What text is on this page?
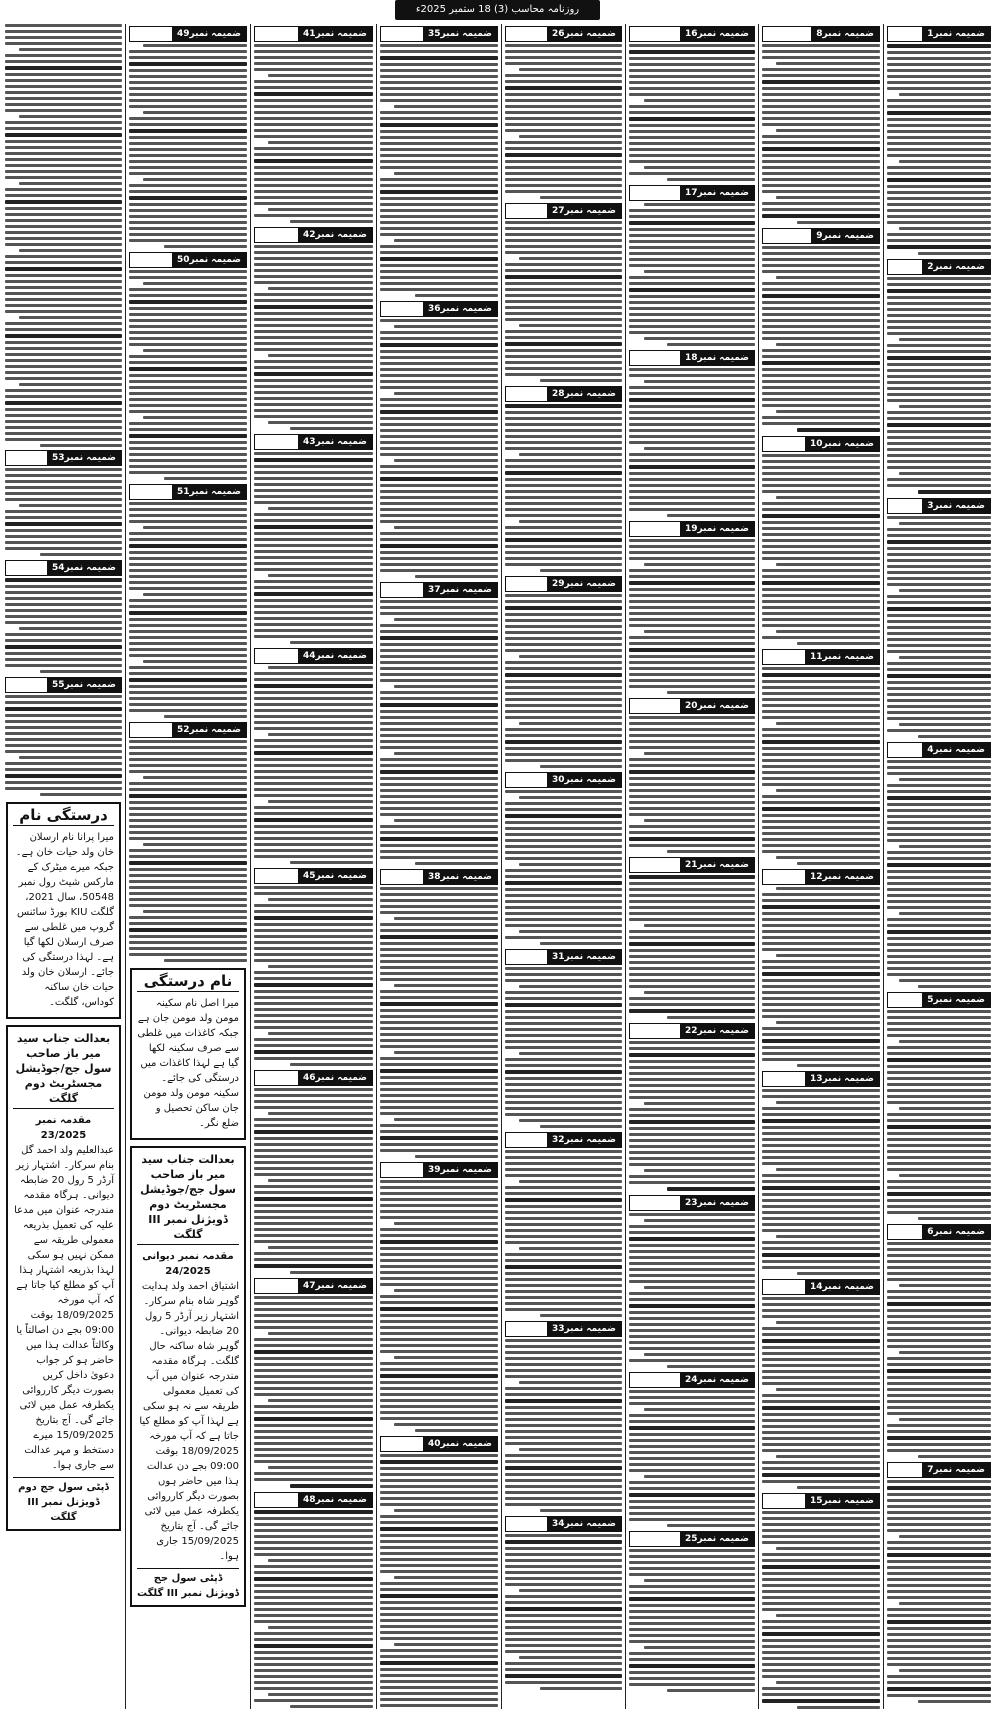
روزنامہ محاسب (3) 18 ستمبر 2025ء
ضمیمہ نمبر1
ضمیمہ نمبر2
ضمیمہ نمبر3
ضمیمہ نمبر4
ضمیمہ نمبر5
ضمیمہ نمبر6
ضمیمہ نمبر7
ضمیمہ نمبر8
ضمیمہ نمبر9
ضمیمہ نمبر10
ضمیمہ نمبر11
ضمیمہ نمبر12
ضمیمہ نمبر13
ضمیمہ نمبر14
ضمیمہ نمبر15
ضمیمہ نمبر16
ضمیمہ نمبر17
ضمیمہ نمبر18
ضمیمہ نمبر19
ضمیمہ نمبر20
ضمیمہ نمبر21
ضمیمہ نمبر22
ضمیمہ نمبر23
ضمیمہ نمبر24
ضمیمہ نمبر25
ضمیمہ نمبر26
ضمیمہ نمبر27
ضمیمہ نمبر28
ضمیمہ نمبر29
ضمیمہ نمبر30
ضمیمہ نمبر31
ضمیمہ نمبر32
ضمیمہ نمبر33
ضمیمہ نمبر34
ضمیمہ نمبر35
ضمیمہ نمبر36
ضمیمہ نمبر37
ضمیمہ نمبر38
ضمیمہ نمبر39
ضمیمہ نمبر40
ضمیمہ نمبر41
ضمیمہ نمبر42
ضمیمہ نمبر43
ضمیمہ نمبر44
ضمیمہ نمبر45
ضمیمہ نمبر46
ضمیمہ نمبر47
ضمیمہ نمبر48
ضمیمہ نمبر49
ضمیمہ نمبر50
ضمیمہ نمبر51
ضمیمہ نمبر52
نام درستگی

میرا اصل نام سکینہ مومن ولد مومن جان ہے جبکہ کاغذات میں غلطی سے صرف سکینہ لکھا گیا ہے لہذا کاغذات میں درستگی کی جائے۔ سکینہ مومن ولد مومن جان ساکن تحصیل و ضلع نگر۔

بعدالت جناب سید میر باز صاحب سول جج/جوڈیشل مجسٹریٹ دوم ڈویژنل نمبر III گلگت
مقدمہ نمبر دیوانی 24/2025

اشتیاق احمد ولد ہدایت گوہر شاہ بنام سرکار۔ اشتہار زیر آرڈر 5 رول 20 ضابطہ دیوانی۔ گوہر شاہ ساکنہ حال گلگت۔ ہرگاہ مقدمہ مندرجہ عنوان میں آپ کی تعمیل معمولی طریقہ سے نہ ہو سکی ہے لہذا آپ کو مطلع کیا جاتا ہے کہ آپ مورخہ 18/09/2025 بوقت 09:00 بجے دن عدالت ہذا میں حاضر ہوں بصورت دیگر کارروائی یکطرفہ عمل میں لائی جائے گی۔ آج بتاریخ 15/09/2025 جاری ہوا۔

ڈپٹی سول جج ڈویژنل نمبر III گلگت
ضمیمہ نمبر53
ضمیمہ نمبر54
ضمیمہ نمبر55
درستگی نام

میرا پرانا نام ارسلان خان ولد حیات خان ہے۔ جبکہ میرے میٹرک کے مارکس شیٹ رول نمبر 50548، سال 2021، گلگت KIU بورڈ سائنس گروپ میں غلطی سے صرف ارسلان لکھا گیا ہے۔ لہذا درستگی کی جائے۔ ارسلان خان ولد حیات خان ساکنہ کوداس، گلگت۔

بعدالت جناب سید میر باز صاحب سول جج/جوڈیشل مجسٹریٹ دوم گلگت
مقدمہ نمبر 23/2025

عبدالعلیم ولد احمد گل بنام سرکار۔ اشتہار زیر آرڈر 5 رول 20 ضابطہ دیوانی۔ ہرگاہ مقدمہ مندرجہ عنوان میں مدعا علیہ کی تعمیل بذریعہ معمولی طریقہ سے ممکن نہیں ہو سکی لہذا بذریعہ اشتہار ہذا آپ کو مطلع کیا جاتا ہے کہ آپ مورخہ 18/09/2025 بوقت 09:00 بجے دن اصالتاً یا وکالتاً عدالت ہذا میں حاضر ہو کر جواب دعویٰ داخل کریں بصورت دیگر کارروائی یکطرفہ عمل میں لائی جائے گی۔ آج بتاریخ 15/09/2025 میرے دستخط و مہر عدالت سے جاری ہوا۔

ڈپٹی سول جج دوم ڈویژنل نمبر III گلگت
